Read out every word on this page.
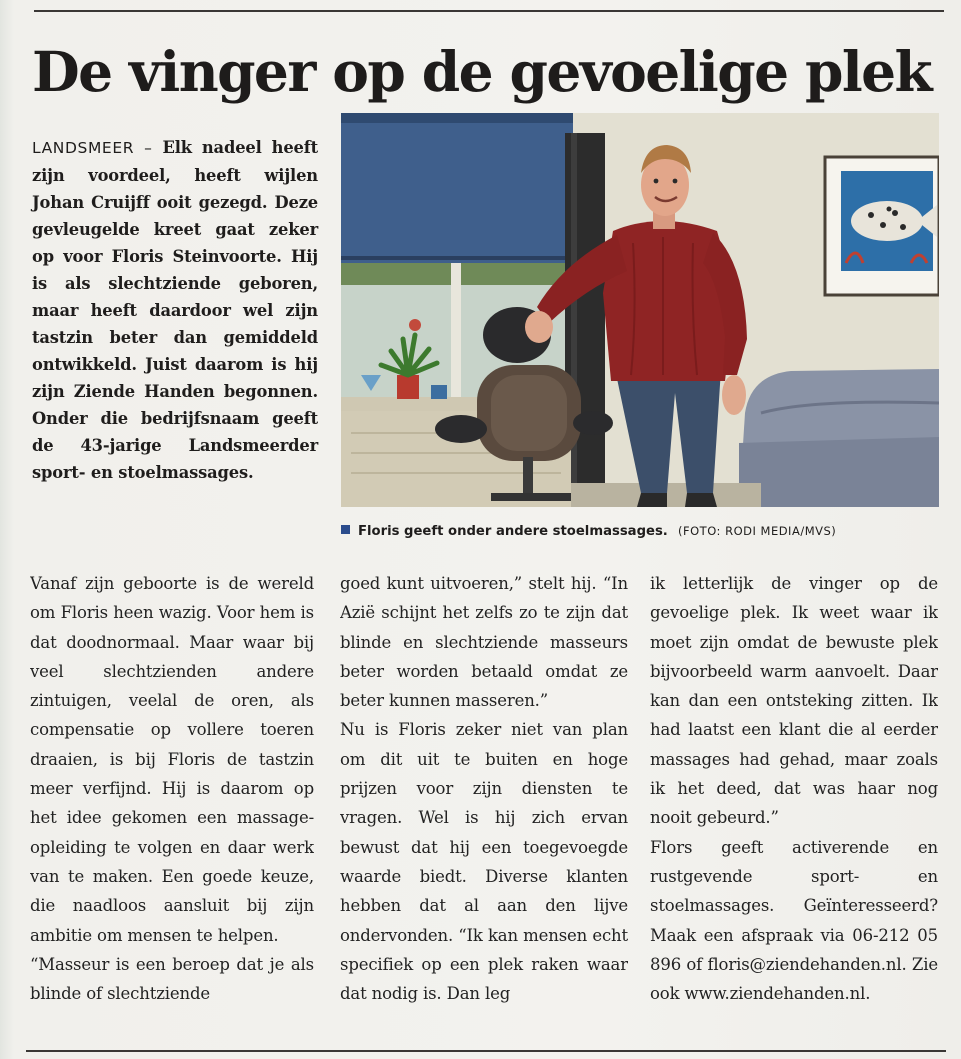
De vinger op de gevoelige plek

LANDSMEER – Elk nadeel heeft zijn voordeel, heeft wijlen Johan Cruijff ooit gezegd. Deze gevleugelde kreet gaat zeker op voor Floris Steinvoorte. Hij is als slechtziende geboren, maar heeft daardoor wel zijn tastzin beter dan gemiddeld ontwikkeld. Juist daarom is hij zijn Ziende Handen begonnen. Onder die bedrijfsnaam geeft de 43-jarige Landsmeerder sport- en stoelmassages.

Floris geeft onder andere stoelmassages. (FOTO: RODI MEDIA/MVS)

Vanaf zijn geboorte is de wereld om Floris heen wazig. Voor hem is dat doodnormaal. Maar waar bij veel slechtzienden andere zintuigen, veelal de oren, als compensatie op vollere toeren draaien, is bij Floris de tastzin meer verfijnd. Hij is daarom op het idee gekomen een massage-opleiding te volgen en daar werk van te maken. Een goede keuze, die naadloos aansluit bij zijn ambitie om mensen te helpen.

“Masseur is een beroep dat je als blinde of slechtziende

goed kunt uitvoeren,” stelt hij. “In Azië schijnt het zelfs zo te zijn dat blinde en slechtziende masseurs beter worden betaald omdat ze beter kunnen masseren.”

Nu is Floris zeker niet van plan om dit uit te buiten en hoge prijzen voor zijn diensten te vragen. Wel is hij zich ervan bewust dat hij een toegevoegde waarde biedt. Diverse klanten hebben dat al aan den lijve ondervonden. “Ik kan mensen echt specifiek op een plek raken waar dat nodig is. Dan leg

ik letterlijk de vinger op de gevoelige plek. Ik weet waar ik moet zijn omdat de bewuste plek bijvoorbeeld warm aanvoelt. Daar kan dan een ontsteking zitten. Ik had laatst een klant die al eerder massages had gehad, maar zoals ik het deed, dat was haar nog nooit gebeurd.”

Flors geeft activerende en rustgevende sport- en stoelmassages. Geïnteresseerd? Maak een afspraak via 06-212 05 896 of floris@ziendehanden.nl. Zie ook www.ziendehanden.nl.
